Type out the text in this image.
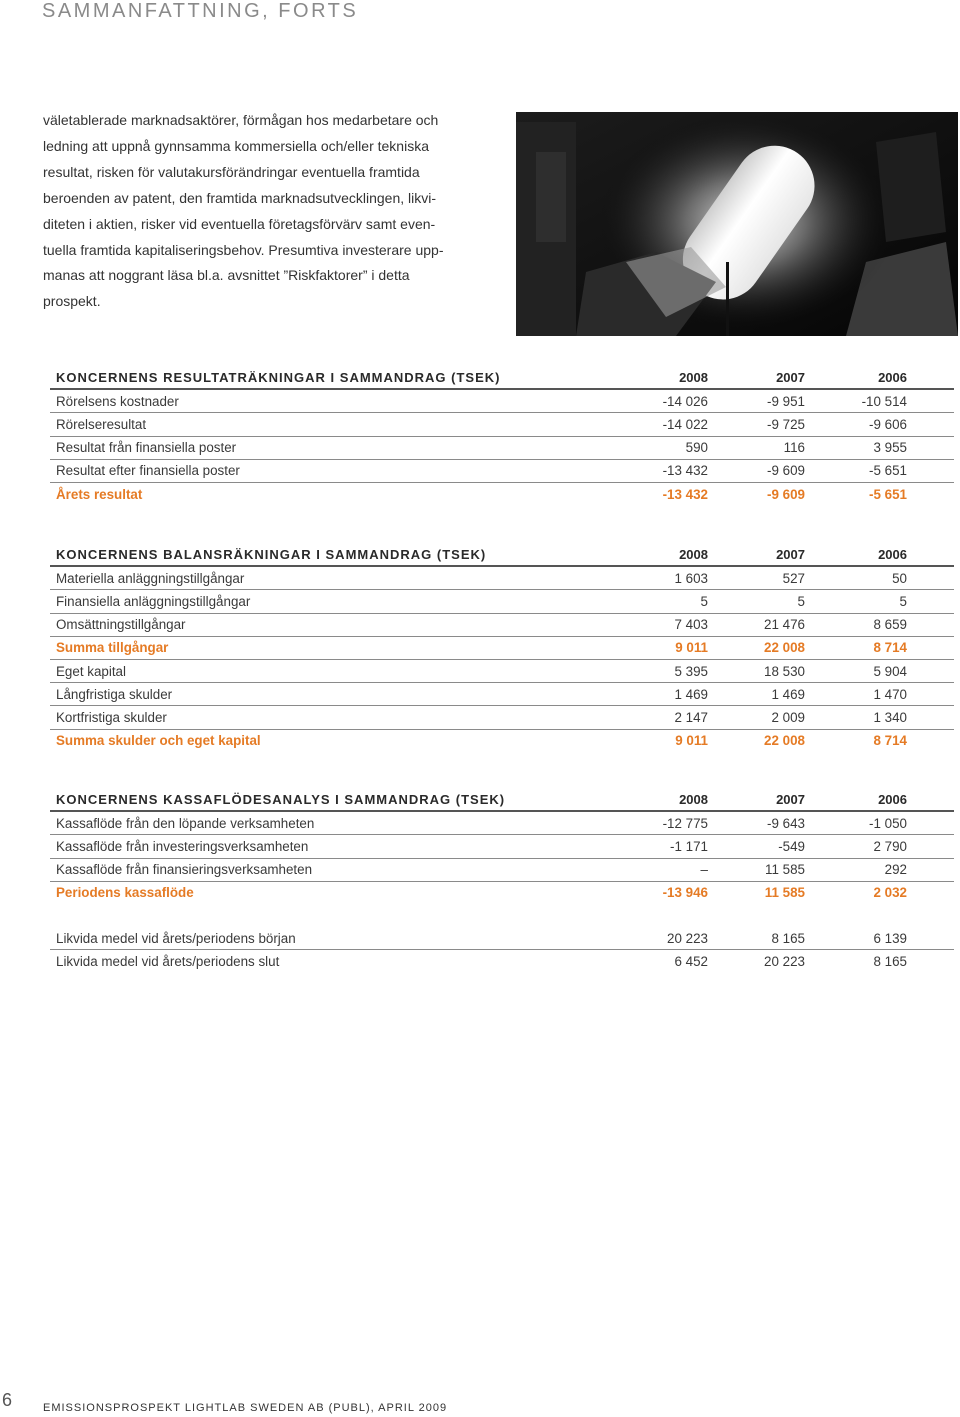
SAMMANFATTNING, FORTS

väletablerade marknadsaktörer, förmågan hos medarbetare och

ledning att uppnå gynnsamma kommersiella och/eller tekniska

resultat, risken för valutakursförändringar eventuella framtida

beroenden av patent, den framtida marknadsutvecklingen, likvi-

diteten i aktien, risker vid eventuella företagsförvärv samt even-

tuella framtida kapitaliseringsbehov. Presumtiva investerare upp-

manas att noggrant läsa bl.a. avsnittet ”Riskfaktorer” i detta

prospekt.

KONCERNENS RESULTATRÄKNINGAR I SAMMANDRAG (TSEK)	2008	2007	2006
Rörelsens kostnader	-14 026	-9 951	-10 514
Rörelseresultat	-14 022	-9 725	-9 606
Resultat från finansiella poster	590	116	3 955
Resultat efter finansiella poster	-13 432	-9 609	-5 651
Årets resultat	-13 432	-9 609	-5 651
KONCERNENS BALANSRÄKNINGAR I SAMMANDRAG (TSEK)	2008	2007	2006
Materiella anläggningstillgångar	1 603	527	50
Finansiella anläggningstillgångar	5	5	5
Omsättningstillgångar	7 403	21 476	8 659
Summa tillgångar	9 011	22 008	8 714
Eget kapital	5 395	18 530	5 904
Långfristiga skulder	1 469	1 469	1 470
Kortfristiga skulder	2 147	2 009	1 340
Summa skulder och eget kapital	9 011	22 008	8 714
KONCERNENS KASSAFLÖDESANALYS I SAMMANDRAG (TSEK)	2008	2007	2006
Kassaflöde från den löpande verksamheten	-12 775	-9 643	-1 050
Kassaflöde från investeringsverksamheten	-1 171	-549	2 790
Kassaflöde från finansieringsverksamheten	–	11 585	292
Periodens kassaflöde	-13 946	11 585	2 032
Likvida medel vid årets/periodens början	20 223	8 165	6 139
Likvida medel vid årets/periodens slut	6 452	20 223	8 165
6	EMISSIONSPROSPEKT LIGHTLAB SWEDEN AB (PUBL), APRIL 2009
